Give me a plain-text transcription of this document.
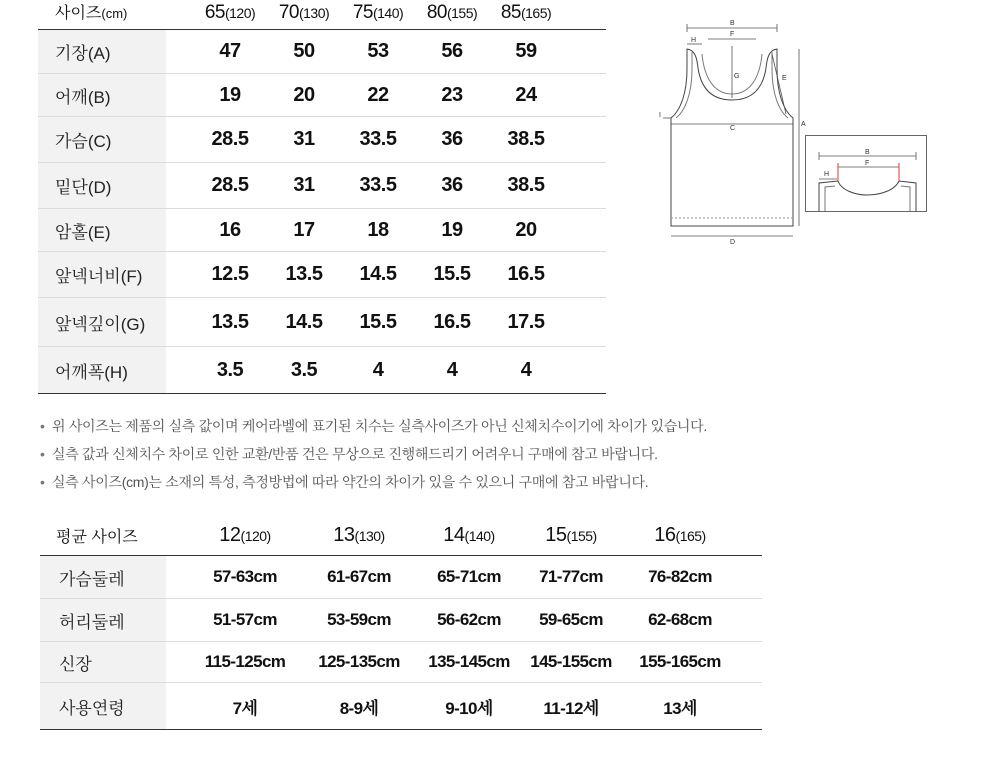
사이즈(cm)	65(120)	70(130)	75(140)	80(155)	85(165)
기장(A)	47	50	53	56	59
어깨(B)	19	20	22	23	24
가슴(C)	28.5	31	33.5	36	38.5
밑단(D)	28.5	31	33.5	36	38.5
암홀(E)	16	17	18	19	20
앞넥너비(F)	12.5	13.5	14.5	15.5	16.5
앞넥깊이(G)	13.5	14.5	15.5	16.5	17.5
어깨폭(H)	3.5	3.5	4	4	4
• 위 사이즈는 제품의 실측 값이며 케어라벨에 표기된 치수는 실측사이즈가 아닌 신체치수이기에 차이가 있습니다.
• 실측 값과 신체치수 차이로 인한 교환/반품 건은 무상으로 진행해드리기 어려우니 구매에 참고 바랍니다.
• 실측 사이즈(cm)는 소재의 특성, 측정방법에 따라 약간의 차이가 있을 수 있으니 구매에 참고 바랍니다.
평균 사이즈	12(120)	13(130)	14(140)	15(155)	16(165)
가슴둘레	57-63cm	61-67cm	65-71cm	71-77cm	76-82cm
허리둘레	51-57cm	53-59cm	56-62cm	59-65cm	62-68cm
신장	115-125cm	125-135cm	135-145cm	145-155cm	155-165cm
사용연령	7세	8-9세	9-10세	11-12세	13세
B
F
H
G	E
C
A
I
D
B
F
H
